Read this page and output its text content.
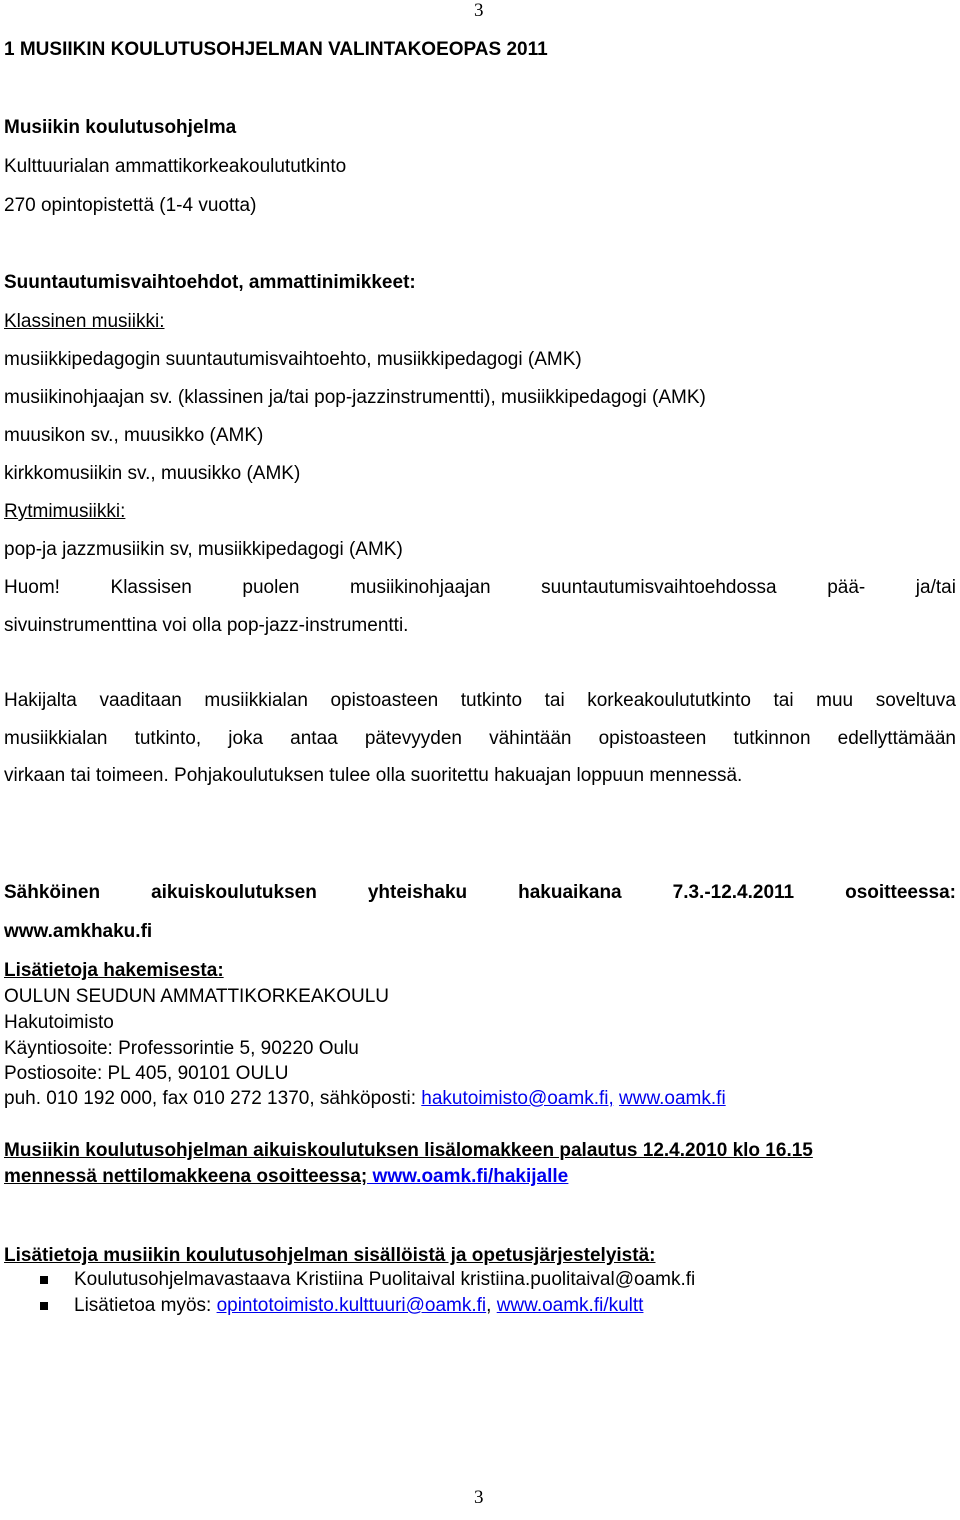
3
1 MUSIIKIN KOULUTUSOHJELMAN VALINTAKOEOPAS 2011
Musiikin koulutusohjelma
Kulttuurialan ammattikorkeakoulututkinto
270 opintopistettä (1-4 vuotta)
Suuntautumisvaihtoehdot, ammattinimikkeet:
Klassinen musiikki:
musiikkipedagogin suuntautumisvaihtoehto, musiikkipedagogi (AMK)
musiikinohjaajan sv. (klassinen ja/tai pop-jazzinstrumentti), musiikkipedagogi (AMK)
muusikon sv., muusikko (AMK)
kirkkomusiikin sv., muusikko (AMK)
Rytmimusiikki:
pop-ja jazzmusiikin sv, musiikkipedagogi (AMK)
Huom!	Klassisen	puolen	musiikinohjaajan	suuntautumisvaihtoehdossa	pää-	ja/tai
sivuinstrumenttina voi olla pop-jazz-instrumentti.
Hakijalta vaaditaan musiikkialan opistoasteen tutkinto tai korkeakoulututkinto tai muu soveltuva
musiikkialan tutkinto, joka antaa pätevyyden vähintään opistoasteen tutkinnon edellyttämään
virkaan tai toimeen. Pohjakoulutuksen tulee olla suoritettu hakuajan loppuun mennessä.
Sähköinen	aikuiskoulutuksen	yhteishaku	hakuaikana	7.3.-12.4.2011	osoitteessa:
www.amkhaku.fi
Lisätietoja hakemisesta:
OULUN SEUDUN AMMATTIKORKEAKOULU
Hakutoimisto
Käyntiosoite: Professorintie 5, 90220 Oulu
Postiosoite: PL 405, 90101 OULU
puh. 010 192 000, fax 010 272 1370, sähköposti: hakutoimisto@oamk.fi, www.oamk.fi
Musiikin koulutusohjelman aikuiskoulutuksen lisälomakkeen palautus 12.4.2010 klo 16.15
mennessä nettilomakkeena osoitteessa; www.oamk.fi/hakijalle
Lisätietoja musiikin koulutusohjelman sisällöistä ja opetusjärjestelyistä:
Koulutusohjelmavastaava Kristiina Puolitaival kristiina.puolitaival@oamk.fi
Lisätietoa myös: opintotoimisto.kulttuuri@oamk.fi, www.oamk.fi/kultt
3
